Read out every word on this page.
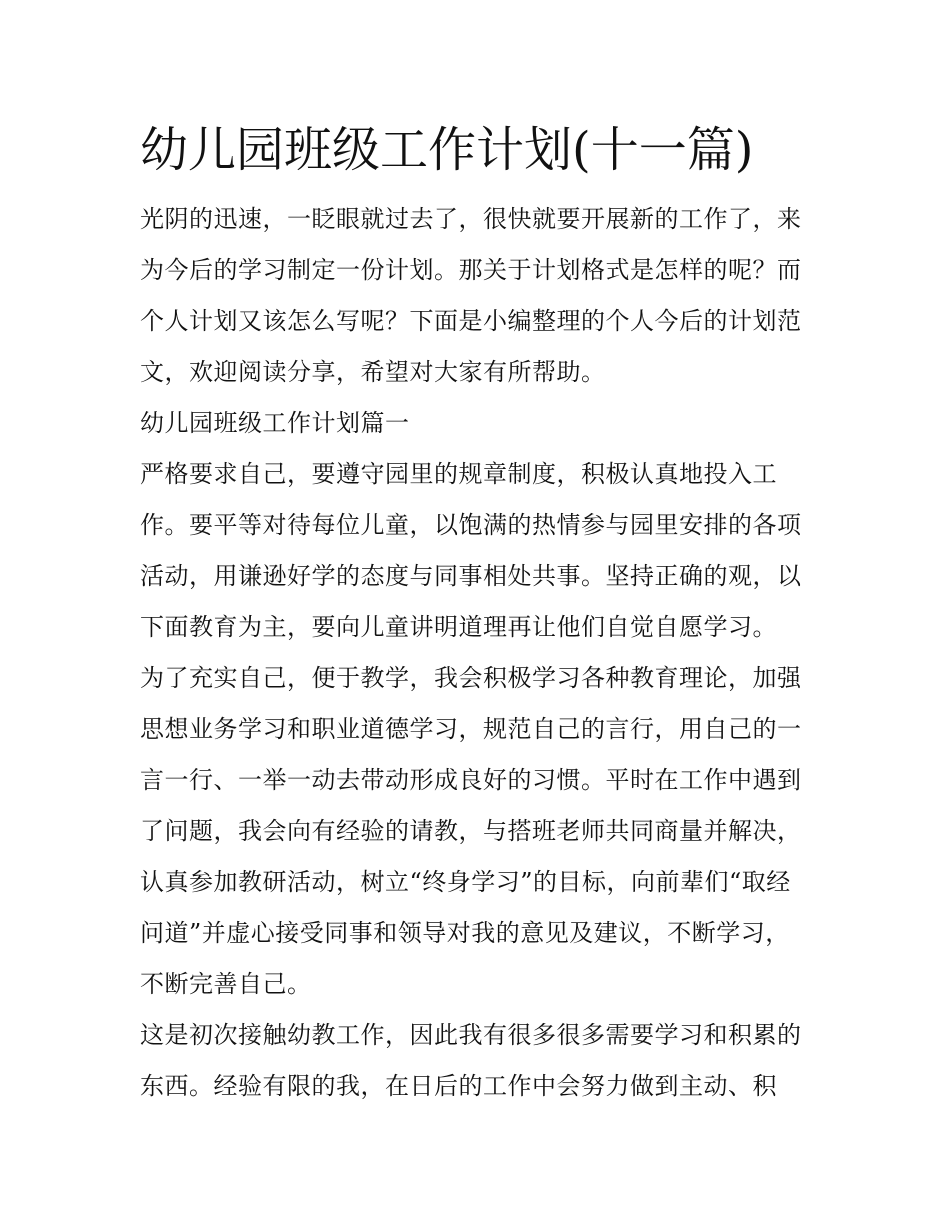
幼儿园班级工作计划(十一篇)
光阴的迅速，一眨眼就过去了，很快就要开展新的工作了，来
为今后的学习制定一份计划。那关于计划格式是怎样的呢？而
个人计划又该怎么写呢？下面是小编整理的个人今后的计划范
文，欢迎阅读分享，希望对大家有所帮助。
幼儿园班级工作计划篇一
严格要求自己，要遵守园里的规章制度，积极认真地投入工
作。要平等对待每位儿童，以饱满的热情参与园里安排的各项
活动，用谦逊好学的态度与同事相处共事。坚持正确的观，以
下面教育为主，要向儿童讲明道理再让他们自觉自愿学习。
为了充实自己，便于教学，我会积极学习各种教育理论，加强
思想业务学习和职业道德学习，规范自己的言行，用自己的一
言一行、一举一动去带动形成良好的习惯。平时在工作中遇到
了问题，我会向有经验的请教，与搭班老师共同商量并解决，
认真参加教研活动，树立“终身学习”的目标，向前辈们“取经
问道”并虚心接受同事和领导对我的意见及建议，不断学习，
不断完善自己。
这是初次接触幼教工作，因此我有很多很多需要学习和积累的
东西。经验有限的我，在日后的工作中会努力做到主动、积
